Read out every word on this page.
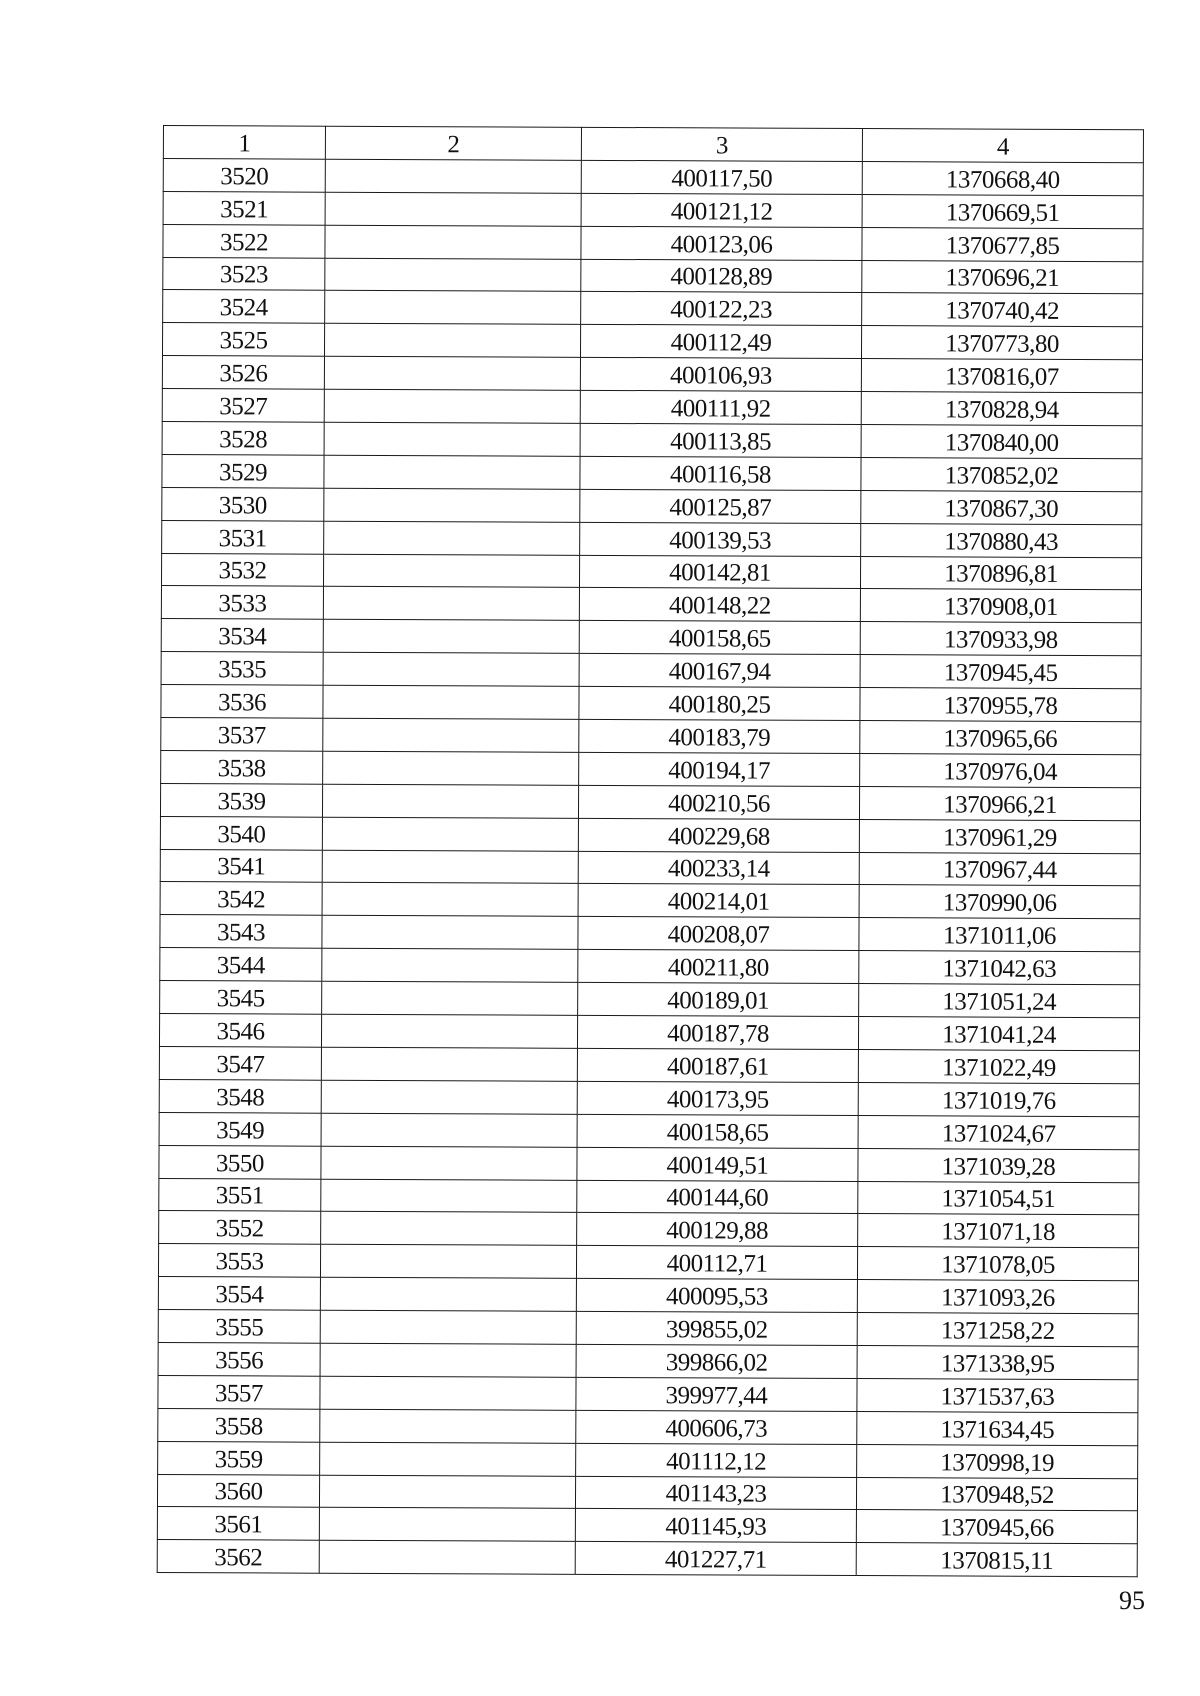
1	2	3	4
3520		400117,50	1370668,40
3521		400121,12	1370669,51
3522		400123,06	1370677,85
3523		400128,89	1370696,21
3524		400122,23	1370740,42
3525		400112,49	1370773,80
3526		400106,93	1370816,07
3527		400111,92	1370828,94
3528		400113,85	1370840,00
3529		400116,58	1370852,02
3530		400125,87	1370867,30
3531		400139,53	1370880,43
3532		400142,81	1370896,81
3533		400148,22	1370908,01
3534		400158,65	1370933,98
3535		400167,94	1370945,45
3536		400180,25	1370955,78
3537		400183,79	1370965,66
3538		400194,17	1370976,04
3539		400210,56	1370966,21
3540		400229,68	1370961,29
3541		400233,14	1370967,44
3542		400214,01	1370990,06
3543		400208,07	1371011,06
3544		400211,80	1371042,63
3545		400189,01	1371051,24
3546		400187,78	1371041,24
3547		400187,61	1371022,49
3548		400173,95	1371019,76
3549		400158,65	1371024,67
3550		400149,51	1371039,28
3551		400144,60	1371054,51
3552		400129,88	1371071,18
3553		400112,71	1371078,05
3554		400095,53	1371093,26
3555		399855,02	1371258,22
3556		399866,02	1371338,95
3557		399977,44	1371537,63
3558		400606,73	1371634,45
3559		401112,12	1370998,19
3560		401143,23	1370948,52
3561		401145,93	1370945,66
3562		401227,71	1370815,11
95
